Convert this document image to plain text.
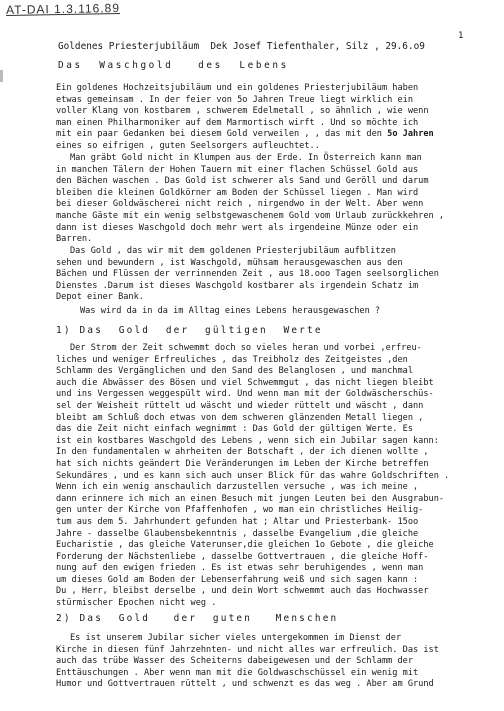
AT-DAI 1.3.116.89
1
Goldenes Priesterjubiläum  Dek Josef Tiefenthaler, Silz , 29.6.o9
Das  Waschgold   des  Lebens
Ein goldenes Hochzeitsjubiläum und ein goldenes Priesterjubiläum haben
etwas gemeinsam . In der feier von 5o Jahren Treue liegt wirklich ein
voller Klang von kostbarem , schwerem Edelmetall , so ähnlich , wie wenn
man einen Philharmoniker auf dem Marmortisch wirft . Und so möchte ich
mit ein paar Gedanken bei diesem Gold verweilen , , das mit den 5o Jahren
eines so eifrigen , guten Seelsorgers aufleuchtet..
Man gräbt Gold nicht in Klumpen aus der Erde. In Österreich kann man
in manchen Tälern der Hohen Tauern mit einer flachen Schüssel Gold aus
den Bächen waschen . Das Gold ist schwerer als Sand und Geröll und darum
bleiben die kleinen Goldkörner am Boden der Schüssel liegen . Man wird
bei dieser Goldwäscherei nicht reich , nirgendwo in der Welt. Aber wenn
manche Gäste mit ein wenig selbstgewaschenem Gold vom Urlaub zurückkehren ,
dann ist dieses Waschgold doch mehr wert als irgendeine Münze oder ein
Barren.
Das Gold , das wir mit dem goldenen Priesterjubiläum aufblitzen
sehen und bewundern , ist Waschgold, mühsam herausgewaschen aus den
Bächen und Flüssen der verrinnenden Zeit , aus 18.ooo Tagen seelsorglichen
Dienstes .Darum ist dieses Waschgold kostbarer als irgendein Schatz im
Depot einer Bank.
Was wird da in da im Alltag eines Lebens herausgewaschen ?
1) Das  Gold  der  gültigen  Werte
Der Strom der Zeit schwemmt doch so vieles heran und vorbei ,erfreu-
liches und weniger Erfreuliches , das Treibholz des Zeitgeistes ,den
Schlamm des Vergänglichen und den Sand des Belanglosen , und manchmal
auch die Abwässer des Bösen und viel Schwemmgut , das nicht liegen bleibt
und ins Vergessen weggespült wird. Und wenn man mit der Goldwäscherschüs-
sel der Weisheit rüttelt ud wäscht und wieder rüttelt und wäscht , dann
bleibt am Schluß doch etwas von dem schweren glänzenden Metall liegen ,
das die Zeit nicht einfach wegnimmt : Das Gold der gültigen Werte. Es
ist ein kostbares Waschgold des Lebens , wenn sich ein Jubilar sagen kann:
In den fundamentalen w ahrheiten der Botschaft , der ich dienen wollte ,
hat sich nichts geändert Die Veränderungen im Leben der Kirche betreffen
Sekundäres , und es kann sich auch unser Blick für das wahre Goldschriften .
Wenn ich ein wenig anschaulich darzustellen versuche , was ich meine ,
dann erinnere ich mich an einen Besuch mit jungen Leuten bei den Ausgrabun-
gen unter der Kirche von Pfaffenhofen , wo man ein christliches Heilig-
tum aus dem 5. Jahrhundert gefunden hat ; Altar und Priesterbank- 15oo
Jahre - dasselbe Glaubensbekenntnis , dasselbe Evangelium ,die gleiche
Eucharistie , das gleiche Vaterunser,die gleichen 1o Gebote , die gleiche
Forderung der Nächstenliebe , dasselbe Gottvertrauen , die gleiche Hoff-
nung auf den ewigen frieden . Es ist etwas sehr beruhigendes , wenn man
um dieses Gold am Boden der Lebenserfahrung weiß und sich sagen kann :
Du , Herr, bleibst derselbe , und dein Wort schwemmt auch das Hochwasser
stürmischer Epochen nicht weg .
2) Das  Gold   der  guten   Menschen
Es ist unserem Jubilar sicher vieles untergekommen im Dienst der
Kirche in diesen fünf Jahrzehnten- und nicht alles war erfreulich. Das ist
auch das trübe Wasser des Scheiterns dabeigewesen und der Schlamm der
Enttäuschungen . Aber wenn man mit die Goldwaschschüssel ein wenig mit
Humor und Gottvertrauen rüttelt , und schwenzt es das weg . Aber am Grund
